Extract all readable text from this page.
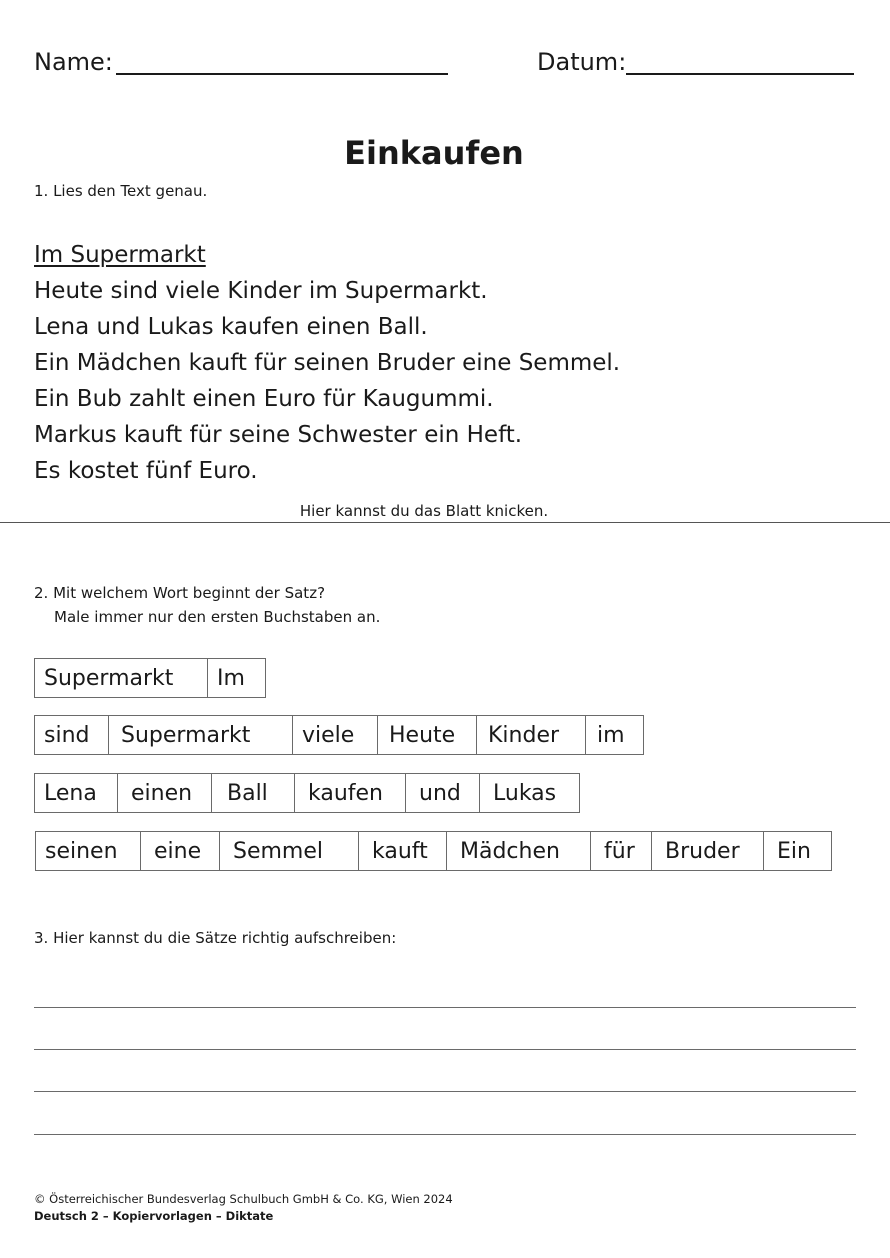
Name:	Datum:
Einkaufen
1. Lies den Text genau.
Im Supermarkt
Heute sind viele Kinder im Supermarkt.
Lena und Lukas kaufen einen Ball.
Ein Mädchen kauft für seinen Bruder eine Semmel.
Ein Bub zahlt einen Euro für Kaugummi.
Markus kauft für seine Schwester ein Heft.
Es kostet fünf Euro.
Hier kannst du das Blatt knicken.
2. Mit welchem Wort beginnt der Satz?
Male immer nur den ersten Buchstaben an.
Supermarkt	Im
sind	Supermarkt	viele	Heute	Kinder	im
Lena	einen	Ball	kaufen	und	Lukas
seinen	eine	Semmel	kauft	Mädchen	für	Bruder	Ein
3. Hier kannst du die Sätze richtig aufschreiben:
© Österreichischer Bundesverlag Schulbuch GmbH & Co. KG, Wien 2024
Deutsch 2 – Kopiervorlagen – Diktate
